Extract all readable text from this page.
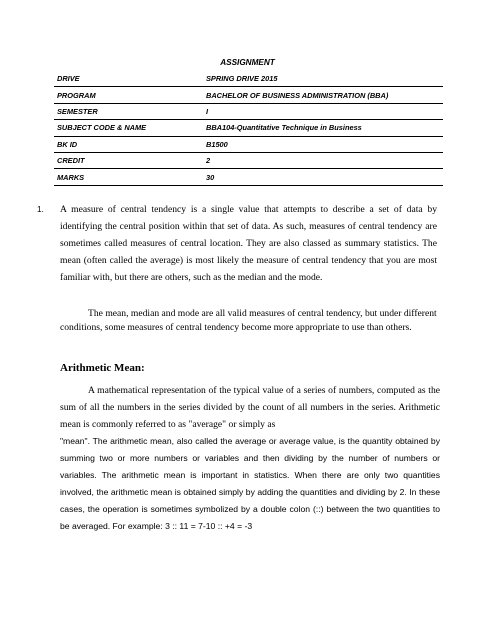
ASSIGNMENT
DRIVE	SPRING DRIVE 2015
PROGRAM	BACHELOR OF BUSINESS ADMINISTRATION (BBA)
SEMESTER	I
SUBJECT CODE & NAME	BBA104-Quantitative Technique in Business
BK ID	B1500
CREDIT	2
MARKS	30
1. A measure of central tendency is a single value that attempts to describe a set of data by identifying the central position within that set of data. As such, measures of central tendency are sometimes called measures of central location. They are also classed as summary statistics. The mean (often called the average) is most likely the measure of central tendency that you are most familiar with, but there are others, such as the median and the mode.
The mean, median and mode are all valid measures of central tendency, but under different conditions, some measures of central tendency become more appropriate to use than others.
Arithmetic Mean:
A mathematical representation of the typical value of a series of numbers, computed as the sum of all the numbers in the series divided by the count of all numbers in the series. Arithmetic mean is commonly referred to as "average" or simply as
"mean". The arithmetic mean, also called the average or average value, is the quantity obtained by summing two or more numbers or variables and then dividing by the number of numbers or variables. The arithmetic mean is important in statistics. When there are only two quantities involved, the arithmetic mean is obtained simply by adding the quantities and dividing by 2. In these cases, the operation is sometimes symbolized by a double colon (::) between the two quantities to be averaged. For example: 3 :: 11 = 7-10 :: +4 = -3
